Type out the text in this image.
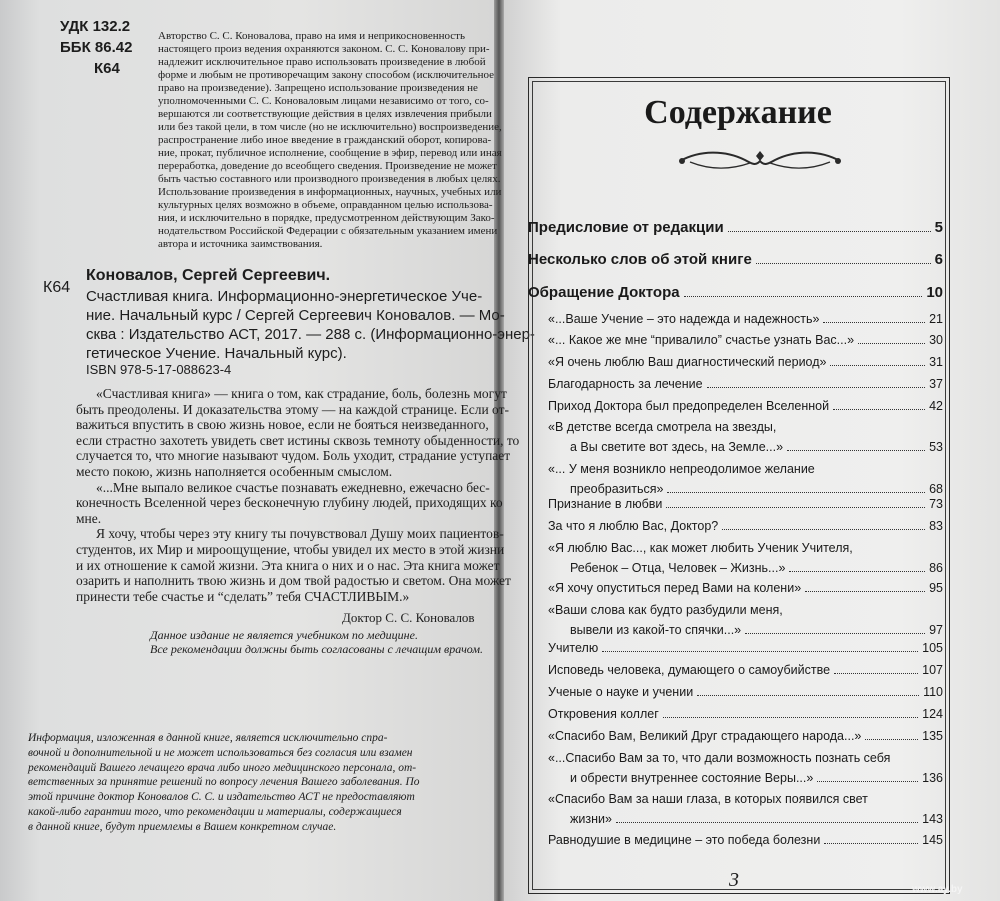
УДК 132.2
ББК 86.42
К64
Авторство С. С. Коновалова, право на имя и неприкосновенность
настоящего произ ведения охраняются законом. С. С. Коновалову при-
надлежит исключительное право использовать произведение в любой
форме и любым не противоречащим закону способом (исключительное
право на произведение). Запрещено использование произведения не
уполномоченными С. С. Коноваловым лицами независимо от того, со-
вершаются ли соответствующие действия в целях извлечения прибыли
или без такой цели, в том числе (но не исключительно) воспроизведение,
распространение либо иное введение в гражданский оборот, копирова-
ние, прокат, публичное исполнение, сообщение в эфир, перевод или иная
переработка, доведение до всеобщего сведения. Произведение не может
быть частью составного или производного произведения в любых целях.
Использование произведения в информационных, научных, учебных или
культурных целях возможно в объеме, оправданном целью использова-
ния, и исключительно в порядке, предусмотренном действующим Зако-
нодательством Российской Федерации с обязательным указанием имени
автора и источника заимствования.
Коновалов, Сергей Сергеевич.
К64
Счастливая книга. Информационно-энергетическое Уче-
ние. Начальный курс / Сергей Сергеевич Коновалов. — Мо-
сква : Издательство АСТ, 2017. — 288 с. (Информационно-энер-
гетическое Учение. Начальный курс).
ISBN 978-5-17-088623-4
«Счастливая книга» — книга о том, как страдание, боль, болезнь могут
быть преодолены. И доказательства этому — на каждой странице. Если от-
важиться впустить в свою жизнь новое, если не бояться неизведанного,
если страстно захотеть увидеть свет истины сквозь темноту обыденности, то
случается то, что многие называют чудом. Боль уходит, страдание уступает
место покою, жизнь наполняется особенным смыслом.
«...Мне выпало великое счастье познавать ежедневно, ежечасно бес-
конечность Вселенной через бесконечную глубину людей, приходящих ко
мне.
Я хочу, чтобы через эту книгу ты почувствовал Душу моих пациентов-
студентов, их Мир и мироощущение, чтобы увидел их место в этой жизни
и их отношение к самой жизни. Эта книга о них и о нас. Эта книга может
озарить и наполнить твою жизнь и дом твой радостью и светом. Она может
принести тебе счастье и “сделать” тебя СЧАСТЛИВЫМ.»
Доктор С. С. Коновалов
Данное издание не является учебником по медицине.
Все рекомендации должны быть согласованы с лечащим врачом.
Информация, изложенная в данной книге, является исключительно спра-
вочной и дополнительной и не может использоваться без согласия или взамен
рекомендаций Вашего лечащего врача либо иного медицинского персонала, от-
ветственных за принятие решений по вопросу лечения Вашего заболевания. По
этой причине доктор Коновалов С. С. и издательство АСТ не предоставляют
какой-либо гарантии того, что рекомендации и материалы, содержащиеся
в данной книге, будут приемлемы в Вашем конкретном случае.
Содержание
Предисловие от редакции	5
Несколько слов об этой книге	6
Обращение Доктора	10
«...Ваше Учение – это надежда и надежность»	21
«... Какое же мне “привалило” счастье узнать Вас...»	30
«Я очень люблю Ваш диагностический период»	31
Благодарность за лечение	37
Приход Доктора был предопределен Вселенной	42
«В детстве всегда смотрела на звезды,
а Вы светите вот здесь, на Земле...»	53
«... У меня возникло непреодолимое желание
преобразиться»	68
Признание в любви	73
За что я люблю Вас, Доктор?	83
«Я люблю Вас..., как может любить Ученик Учителя,
Ребенок – Отца, Человек – Жизнь...»	86
«Я хочу опуститься перед Вами на колени»	95
«Ваши слова как будто разбудили меня,
вывели из какой-то спячки...»	97
Учителю	105
Исповедь человека, думающего о самоубийстве	107
Ученые о науке и учении	110
Откровения коллег	124
«Спасибо Вам, Великий Друг страдающего народа...»	135
«...Спасибо Вам за то, что дали возможность познать себя
и обрести внутреннее состояние Веры...»	136
«Спасибо Вам за наши глаза, в которых появился свет
жизни»	143
Равнодушие в медицине – это победа болезни	145
3	www.ay.by
